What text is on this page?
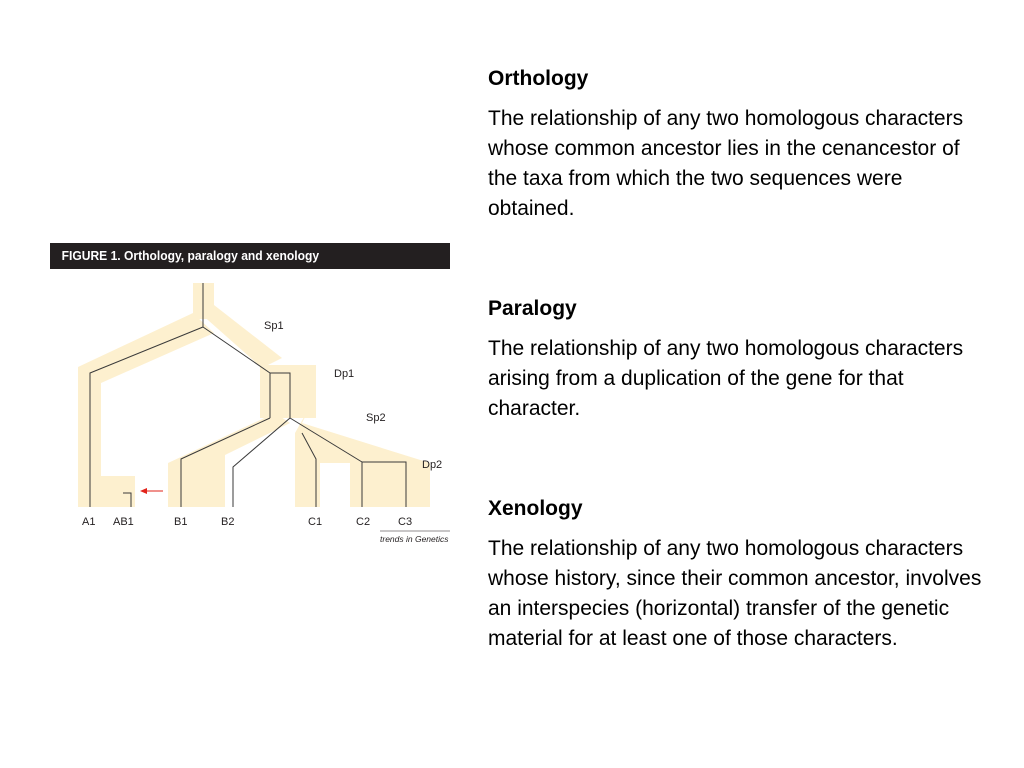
FIGURE 1. Orthology, paralogy and xenology
Sp1
Dp1
Sp2
Dp2
A1 AB1	B1	B2	C1	C2	C3
trends in Genetics
Orthology

The relationship of any two homologous characters whose common ancestor lies in the cenancestor of the taxa from which the two sequences were obtained.

Paralogy

The relationship of any two homologous characters arising from a duplication of the gene for that character.

Xenology

The relationship of any two homologous characters whose history, since their common ancestor, involves an interspecies (horizontal) transfer of the genetic material for at least one of those characters.
